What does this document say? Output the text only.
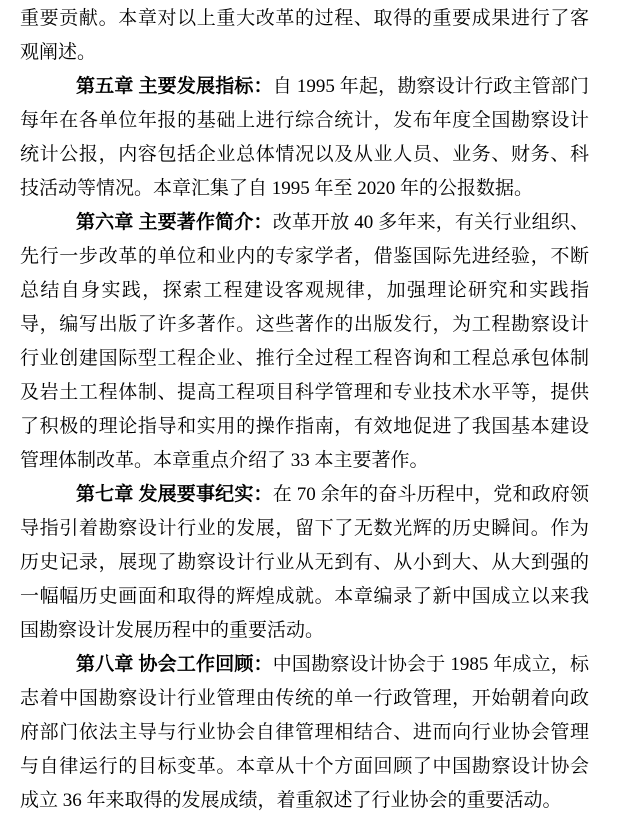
重要贡献。本章对以上重大改革的过程、取得的重要成果进行了客观阐述。

第五章 主要发展指标：自 1995 年起，勘察设计行政主管部门每年在各单位年报的基础上进行综合统计，发布年度全国勘察设计统计公报，内容包括企业总体情况以及从业人员、业务、财务、科技活动等情况。本章汇集了自 1995 年至 2020 年的公报数据。

第六章 主要著作简介：改革开放 40 多年来，有关行业组织、先行一步改革的单位和业内的专家学者，借鉴国际先进经验，不断总结自身实践，探索工程建设客观规律，加强理论研究和实践指导，编写出版了许多著作。这些著作的出版发行，为工程勘察设计行业创建国际型工程企业、推行全过程工程咨询和工程总承包体制及岩土工程体制、提高工程项目科学管理和专业技术水平等，提供了积极的理论指导和实用的操作指南，有效地促进了我国基本建设管理体制改革。本章重点介绍了 33 本主要著作。

第七章 发展要事纪实：在 70 余年的奋斗历程中，党和政府领导指引着勘察设计行业的发展，留下了无数光辉的历史瞬间。作为历史记录，展现了勘察设计行业从无到有、从小到大、从大到强的一幅幅历史画面和取得的辉煌成就。本章编录了新中国成立以来我国勘察设计发展历程中的重要活动。

第八章 协会工作回顾：中国勘察设计协会于 1985 年成立，标志着中国勘察设计行业管理由传统的单一行政管理，开始朝着向政府部门依法主导与行业协会自律管理相结合、进而向行业协会管理与自律运行的目标变革。本章从十个方面回顾了中国勘察设计协会成立 36 年来取得的发展成绩，着重叙述了行业协会的重要活动。
